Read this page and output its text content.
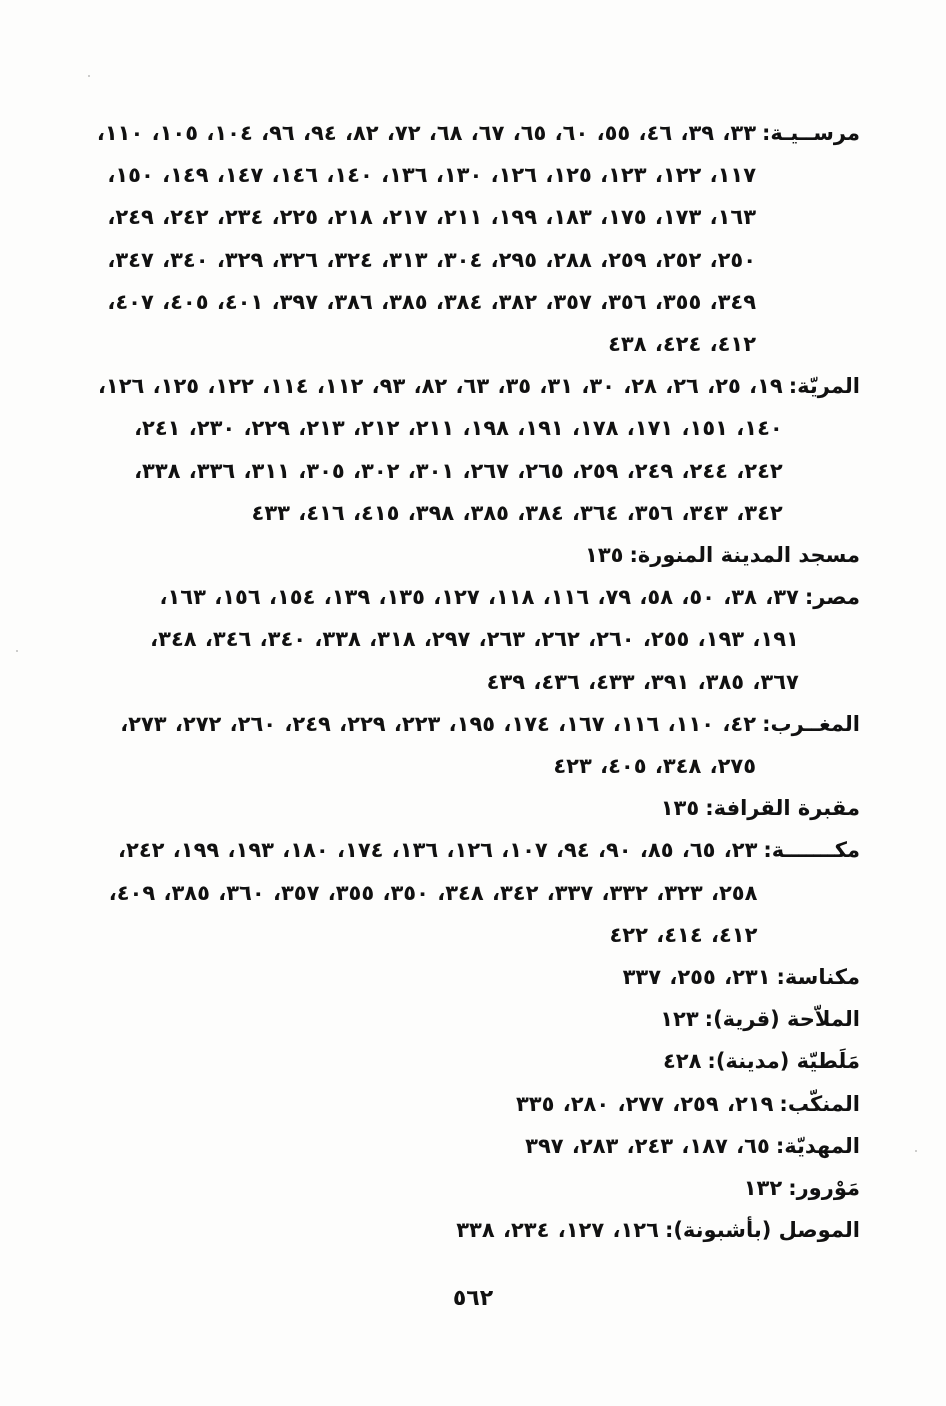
مرســيـة:
٣٣، ٣٩، ٤٦، ٥٥، ٦٠، ٦٥، ٦٧، ٦٨، ٧٢، ٨٢، ٩٤، ٩٦، ١٠٤، ١٠٥، ١١٠،
١١٧، ١٢٢، ١٢٣، ١٢٥، ١٢٦، ١٣٠، ١٣٦، ١٤٠، ١٤٦، ١٤٧، ١٤٩، ١٥٠،
١٦٣، ١٧٣، ١٧٥، ١٨٣، ١٩٩، ٢١١، ٢١٧، ٢١٨، ٢٢٥، ٢٣٤، ٢٤٢، ٢٤٩،
٢٥٠، ٢٥٢، ٢٥٩، ٢٨٨، ٢٩٥، ٣٠٤، ٣١٣، ٣٢٤، ٣٢٦، ٣٢٩، ٣٤٠، ٣٤٧،
٣٤٩، ٣٥٥، ٣٥٦، ٣٥٧، ٣٨٢، ٣٨٤، ٣٨٥، ٣٨٦، ٣٩٧، ٤٠١، ٤٠٥، ٤٠٧،
٤١٢، ٤٢٤، ٤٣٨
المريّة:
١٩، ٢٥، ٢٦، ٢٨، ٣٠، ٣١، ٣٥، ٦٣، ٨٢، ٩٣، ١١٢، ١١٤، ١٢٢، ١٢٥، ١٢٦،
١٤٠، ١٥١، ١٧١، ١٧٨، ١٩١، ١٩٨، ٢١١، ٢١٢، ٢١٣، ٢٢٩، ٢٣٠، ٢٤١،
٢٤٢، ٢٤٤، ٢٤٩، ٢٥٩، ٢٦٥، ٢٦٧، ٣٠١، ٣٠٢، ٣٠٥، ٣١١، ٣٣٦، ٣٣٨،
٣٤٢، ٣٤٣، ٣٥٦، ٣٦٤، ٣٨٤، ٣٨٥، ٣٩٨، ٤١٥، ٤١٦، ٤٣٣
مسجد المدينة المنورة:
١٣٥
مصر:
٣٧، ٣٨، ٥٠، ٥٨، ٧٩، ١١٦، ١١٨، ١٢٧، ١٣٥، ١٣٩، ١٥٤، ١٥٦، ١٦٣،
١٩١، ١٩٣، ٢٥٥، ٢٦٠، ٢٦٢، ٢٦٣، ٢٩٧، ٣١٨، ٣٣٨، ٣٤٠، ٣٤٦، ٣٤٨،
٣٦٧، ٣٨٥، ٣٩١، ٤٣٣، ٤٣٦، ٤٣٩
المغــرب:
٤٢، ١١٠، ١١٦، ١٦٧، ١٧٤، ١٩٥، ٢٢٣، ٢٢٩، ٢٤٩، ٢٦٠، ٢٧٢، ٢٧٣،
٢٧٥، ٣٤٨، ٤٠٥، ٤٢٣
مقبرة القرافة:
١٣٥
مكـــــــة:
٢٣، ٦٥، ٨٥، ٩٠، ٩٤، ١٠٧، ١٢٦، ١٣٦، ١٧٤، ١٨٠، ١٩٣، ١٩٩، ٢٤٢،
٢٥٨، ٣٢٣، ٣٣٢، ٣٣٧، ٣٤٢، ٣٤٨، ٣٥٠، ٣٥٥، ٣٥٧، ٣٦٠، ٣٨٥، ٤٠٩،
٤١٢، ٤١٤، ٤٢٢
مكناسة:
٢٣١، ٢٥٥، ٣٣٧
الملاّحة (قرية):
١٢٣
مَلَطيّة (مدينة):
٤٢٨
المنكّب:
٢١٩، ٢٥٩، ٢٧٧، ٢٨٠، ٣٣٥
المهديّة:
٦٥، ١٨٧، ٢٤٣، ٢٨٣، ٣٩٧
مَوْرور:
١٣٢
الموصل (بأشبونة):
١٢٦، ١٢٧، ٢٣٤، ٣٣٨
٥٦٢
